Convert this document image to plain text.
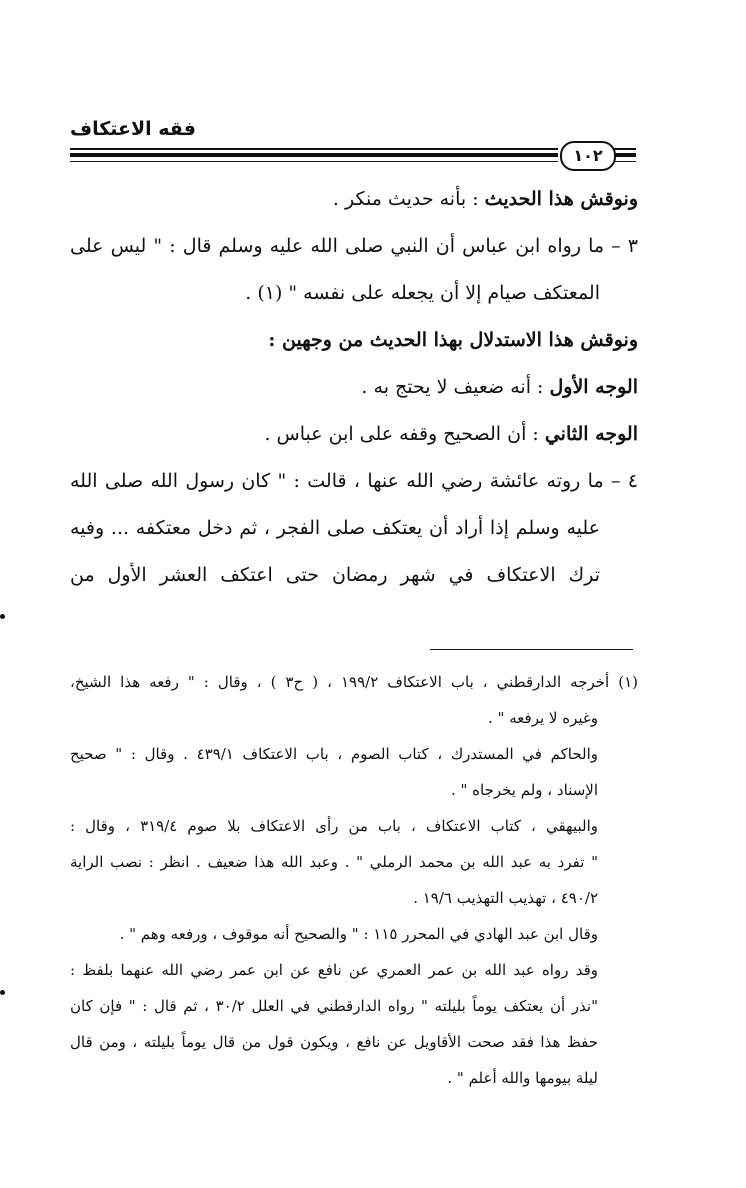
فقه الاعتكاف
١٠٢

ونوقش هذا الحديث : بأنه حديث منكر .

٣ – ما رواه ابن عباس أن النبي صلى الله عليه وسلم قال : " ليس على

المعتكف صيام إلا أن يجعله على نفسه " (١) .

ونوقش هذا الاستدلال بهذا الحديث من وجهين :

الوجه الأول : أنه ضعيف لا يحتج به .

الوجه الثاني : أن الصحيح وقفه على ابن عباس .

٤ – ما روته عائشة رضي الله عنها ، قالت : " كان رسول الله صلى الله

عليه وسلم إذا أراد أن يعتكف صلى الفجر ، ثم دخل معتكفه ... وفيه

ترك الاعتكاف في شهر رمضان حتى اعتكف العشر الأول من

(١) أخرجه الدارقطني ، باب الاعتكاف ١٩٩/٢ ، ( ح٣ ) ، وقال : " رفعه هذا الشيخ،

وغيره لا يرفعه " .

والحاكم في المستدرك ، كتاب الصوم ، باب الاعتكاف ٤٣٩/١ . وقال : " صحيح

الإسناد ، ولم يخرجاه " .

والبيهقي ، كتاب الاعتكاف ، باب من رأى الاعتكاف بلا صوم ٣١٩/٤ ، وقال :

" تفرد به عبد الله بن محمد الرملي " . وعبد الله هذا ضعيف . انظر : نصب الراية

٤٩٠/٢ ، تهذيب التهذيب ١٩/٦ .

وقال ابن عبد الهادي في المحرر ١١٥ : " والصحيح أنه موقوف ، ورفعه وهم " .

وقد رواه عبد الله بن عمر العمري عن نافع عن ابن عمر رضي الله عنهما بلفظ :

"نذر أن يعتكف يوماً بليلته " رواه الدارقطني في العلل ٣٠/٢ ، ثم قال : " فإن كان

حفظ هذا فقد صحت الأقاويل عن نافع ، ويكون قول من قال يوماً بليلته ، ومن قال

ليلة بيومها والله أعلم " .
